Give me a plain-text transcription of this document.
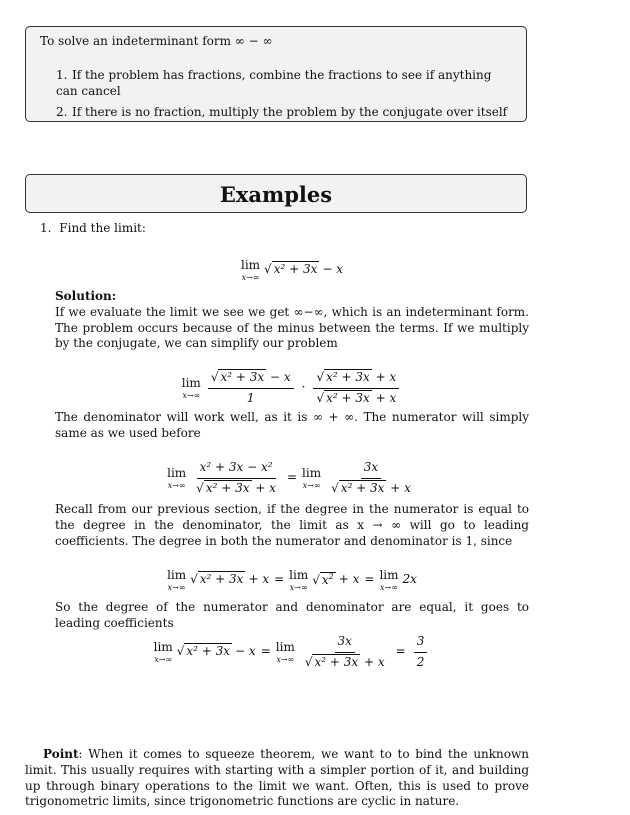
To solve an indeterminant form ∞ − ∞

1. If the problem has fractions, combine the fractions to see if anything can cancel
2. If there is no fraction, multiply the problem by the conjugate over itself
Examples
1. Find the limit:
lim
x→∞
√ x² + 3x − x
Solution:
If we evaluate the limit we see we get ∞−∞, which is an indeterminant form. The problem occurs because of the minus between the terms. If we multiply by the conjugate, we can simplify our problem
lim
$x\to\infty \frac{\text{√ x² + 3x − x}}{1} \cdot \frac{\text{√ x² + 3x + x}}{\text{√ x² + 3x + x}}$
The denominator will work well, as it is ∞ + ∞. The numerator will simply same as we used before
lim
$x\to\infty \frac{\text{x² + 3x − x²}}{\text{√ x² + 3x + x}} = \lim$
$x\to\infty \frac{3x}{\text{√ x² + 3x + x}}$
Recall from our previous section, if the degree in the numerator is equal to the degree in the denominator, the limit as x → ∞ will go to leading coefficients. The degree in both the numerator and denominator is 1, since
lim
x→∞
√ x² + 3x + x = lim
x→∞
√ $x^2 + x = \lim$
x→∞
2x
So the degree of the numerator and denominator are equal, it goes to leading coefficients
lim
x→∞
√ x² + 3x − x = lim
$x\to\infty \frac{3x}{\text{√ x² + 3x + x}} = \frac{3}{2}$
Point: When it comes to squeeze theorem, we want to to bind the unknown limit. This usually requires with starting with a simpler portion of it, and building up through binary operations to the limit we want. Often, this is used to prove trigonometric limits, since trigonometric functions are cyclic in nature.
